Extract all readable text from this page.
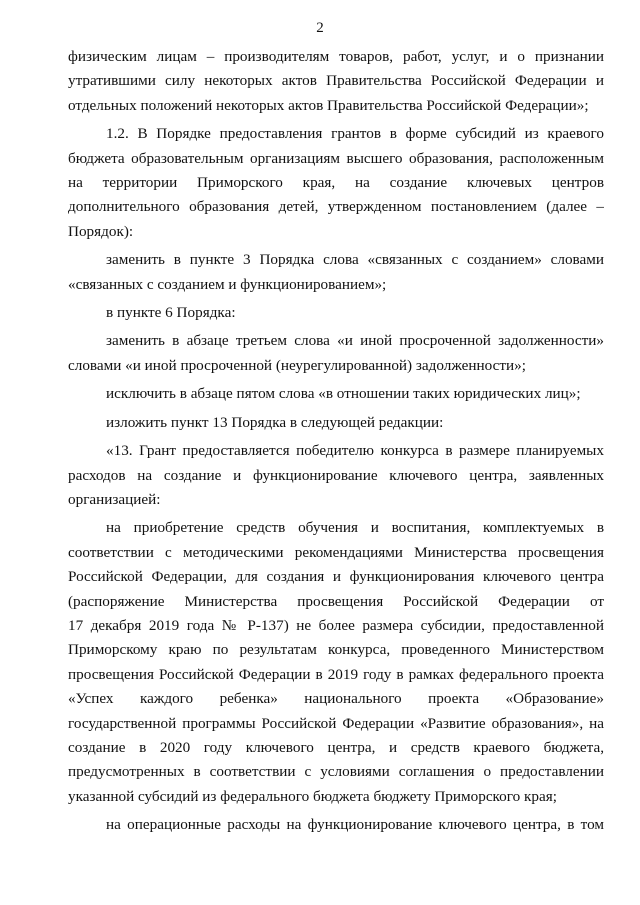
2
физическим лицам – производителям товаров, работ, услуг, и о признании
утратившими силу некоторых актов Правительства Российской Федерации и
отдельных положений некоторых актов Правительства Российской Федерации»;
1.2. В Порядке предоставления грантов в форме субсидий из краевого
бюджета образовательным организациям высшего образования, расположенным
на территории Приморского края, на создание ключевых центров
дополнительного образования детей, утвержденном постановлением (далее –
Порядок):
заменить в пункте 3 Порядка слова «связанных с созданием» словами
«связанных с созданием и функционированием»;
в пункте 6 Порядка:
заменить в абзаце третьем слова «и иной просроченной задолженности»
словами «и иной просроченной (неурегулированной) задолженности»;
исключить в абзаце пятом слова «в отношении таких юридических лиц»;
изложить пункт 13 Порядка в следующей редакции:
«13. Грант предоставляется победителю конкурса в размере планируемых
расходов на создание и функционирование ключевого центра, заявленных
организацией:
на приобретение средств обучения и воспитания, комплектуемых в
соответствии с методическими рекомендациями Министерства просвещения
Российской Федерации, для создания и функционирования ключевого центра
(распоряжение Министерства просвещения Российской Федерации от
17 декабря 2019 года № Р-137) не более размера субсидии, предоставленной
Приморскому краю по результатам конкурса, проведенного Министерством
просвещения Российской Федерации в 2019 году в рамках федерального проекта
«Успех каждого ребенка» национального проекта «Образование»
государственной программы Российской Федерации «Развитие образования», на
создание в 2020 году ключевого центра, и средств краевого бюджета,
предусмотренных в соответствии с условиями соглашения о предоставлении
указанной субсидий из федерального бюджета бюджету Приморского края;
на операционные расходы на функционирование ключевого центра, в том
